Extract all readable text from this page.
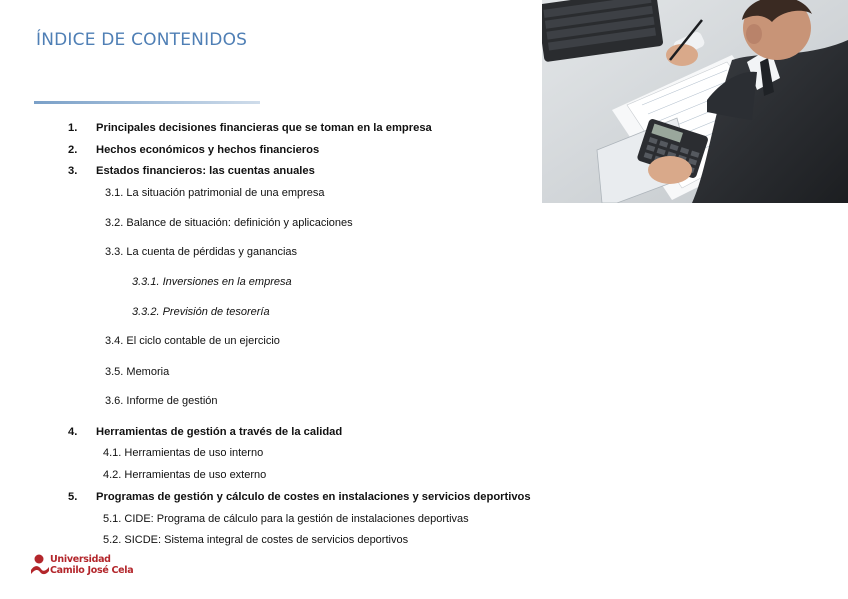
ÍNDICE DE CONTENIDOS
1. Principales decisiones financieras que se toman en la empresa
2. Hechos económicos y hechos financieros
3. Estados financieros: las cuentas anuales
3.1. La situación patrimonial de una empresa
3.2. Balance de situación: definición y aplicaciones
3.3. La cuenta de pérdidas y ganancias
3.3.1. Inversiones en la empresa
3.3.2. Previsión de tesorería
3.4. El ciclo contable de un ejercicio
3.5. Memoria
3.6. Informe de gestión
4. Herramientas de gestión a través de la calidad
4.1. Herramientas de uso interno
4.2. Herramientas de uso externo
5. Programas de gestión y cálculo de costes en instalaciones y servicios deportivos
5.1. CIDE: Programa de cálculo para la gestión de instalaciones deportivas
5.2. SICDE: Sistema integral de costes de servicios deportivos
Universidad
Camilo José Cela
